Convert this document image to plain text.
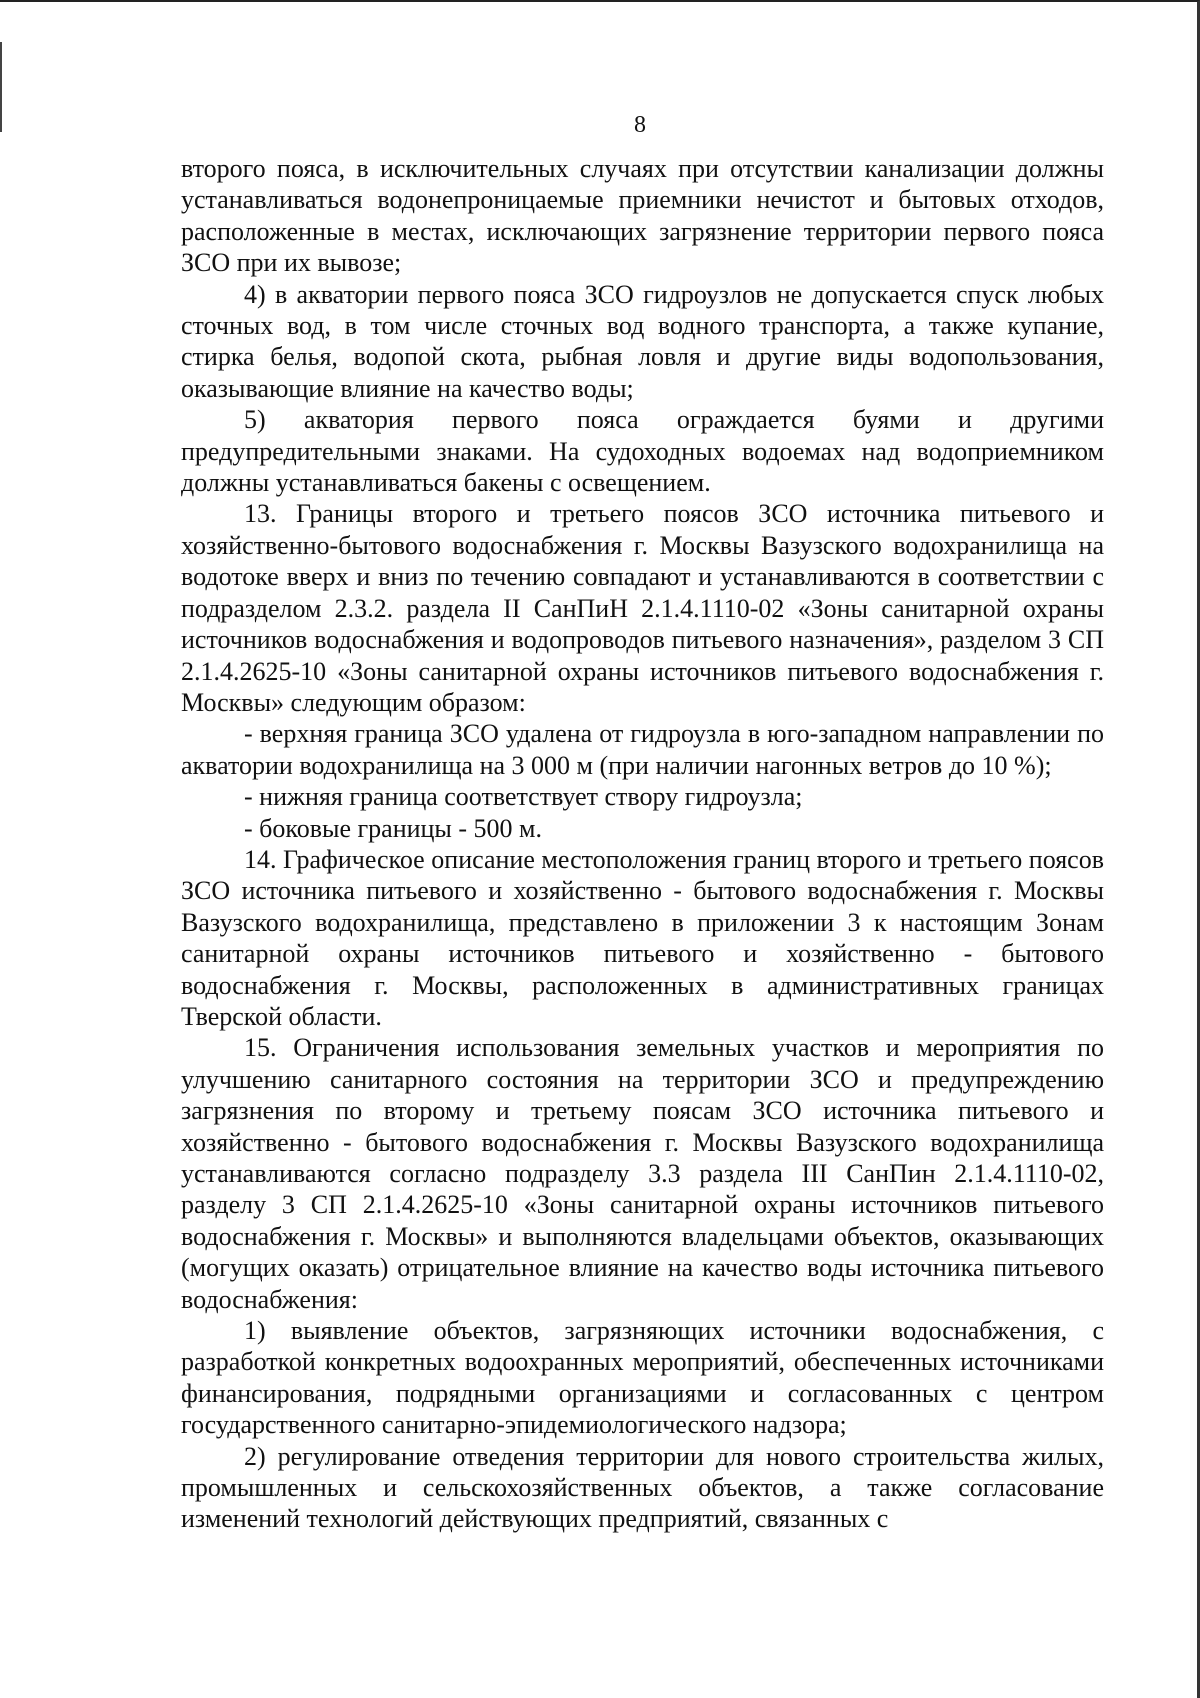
8

второго пояса, в исключительных случаях при отсутствии канализации должны устанавливаться водонепроницаемые приемники нечистот и бытовых отходов, расположенные в местах, исключающих загрязнение территории первого пояса ЗСО при их вывозе;

4) в акватории первого пояса ЗСО гидроузлов не допускается спуск любых сточных вод, в том числе сточных вод водного транспорта, а также купание, стирка белья, водопой скота, рыбная ловля и другие виды водопользования, оказывающие влияние на качество воды;

5) акватория первого пояса ограждается буями и другими предупредительными знаками. На судоходных водоемах над водоприемником должны устанавливаться бакены с освещением.

13. Границы второго и третьего поясов ЗСО источника питьевого и хозяйственно-бытового водоснабжения г. Москвы Вазузского водохранилища на водотоке вверх и вниз по течению совпадают и устанавливаются в соответствии с подразделом 2.3.2. раздела II СанПиН 2.1.4.1110-02 «Зоны санитарной охраны источников водоснабжения и водопроводов питьевого назначения», разделом 3 СП 2.1.4.2625-10 «Зоны санитарной охраны источников питьевого водоснабжения г. Москвы» следующим образом:

- верхняя граница ЗСО удалена от гидроузла в юго-западном направлении по акватории водохранилища на 3 000 м (при наличии нагонных ветров до 10 %);

- нижняя граница соответствует створу гидроузла;

- боковые границы - 500 м.

14. Графическое описание местоположения границ второго и третьего поясов ЗСО источника питьевого и хозяйственно - бытового водоснабжения г. Москвы Вазузского водохранилища, представлено в приложении 3 к настоящим Зонам санитарной охраны источников питьевого и хозяйственно - бытового водоснабжения г. Москвы, расположенных в административных границах Тверской области.

15. Ограничения использования земельных участков и мероприятия по улучшению санитарного состояния на территории ЗСО и предупреждению загрязнения по второму и третьему поясам ЗСО источника питьевого и хозяйственно - бытового водоснабжения г. Москвы Вазузского водохранилища устанавливаются согласно подразделу 3.3 раздела III СанПин 2.1.4.1110-02, разделу 3 СП 2.1.4.2625-10 «Зоны санитарной охраны источников питьевого водоснабжения г. Москвы» и выполняются владельцами объектов, оказывающих (могущих оказать) отрицательное влияние на качество воды источника питьевого водоснабжения:

1) выявление объектов, загрязняющих источники водоснабжения, с разработкой конкретных водоохранных мероприятий, обеспеченных источниками финансирования, подрядными организациями и согласованных с центром государственного санитарно-эпидемиологического надзора;

2) регулирование отведения территории для нового строительства жилых, промышленных и сельскохозяйственных объектов, а также согласование изменений технологий действующих предприятий, связанных с
